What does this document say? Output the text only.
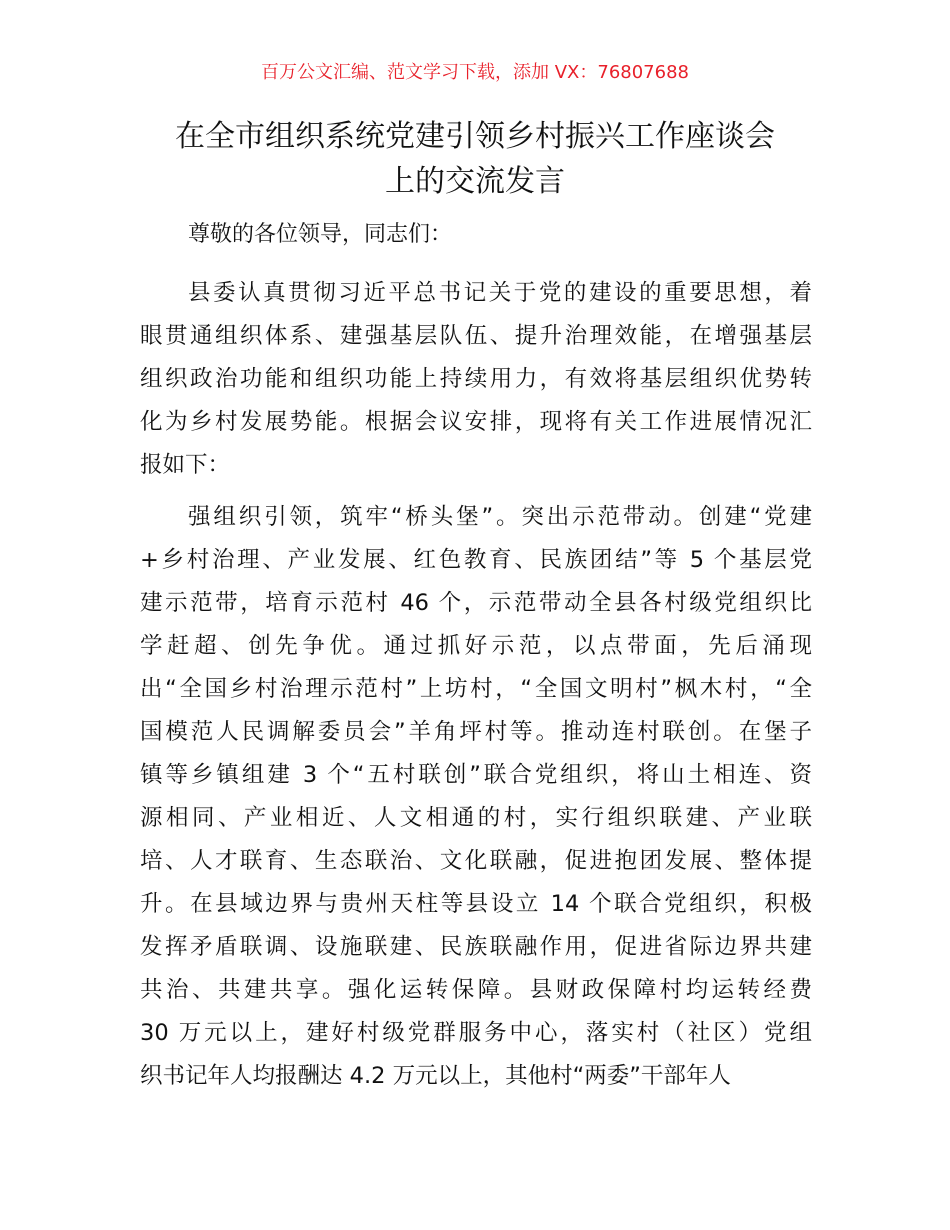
百万公文汇编、范文学习下载，添加 VX：76807688
在全市组织系统党建引领乡村振兴工作座谈会
上的交流发言
尊敬的各位领导，同志们：
县委认真贯彻习近平总书记关于党的建设的重要思想，着
眼贯通组织体系、建强基层队伍、提升治理效能，在增强基层
组织政治功能和组织功能上持续用力，有效将基层组织优势转
化为乡村发展势能。根据会议安排，现将有关工作进展情况汇
报如下：
强组织引领，筑牢“桥头堡”。突出示范带动。创建“党建
+乡村治理、产业发展、红色教育、民族团结”等 5 个基层党
建示范带，培育示范村 46 个，示范带动全县各村级党组织比
学赶超、创先争优。通过抓好示范，以点带面，先后涌现
出“全国乡村治理示范村”上坊村，“全国文明村”枫木村，“全
国模范人民调解委员会”羊角坪村等。推动连村联创。在堡子
镇等乡镇组建 3 个“五村联创”联合党组织，将山土相连、资
源相同、产业相近、人文相通的村，实行组织联建、产业联
培、人才联育、生态联治、文化联融，促进抱团发展、整体提
升。在县域边界与贵州天柱等县设立 14 个联合党组织，积极
发挥矛盾联调、设施联建、民族联融作用，促进省际边界共建
共治、共建共享。强化运转保障。县财政保障村均运转经费
30 万元以上，建好村级党群服务中心，落实村（社区）党组
织书记年人均报酬达 4.2 万元以上，其他村“两委”干部年人
